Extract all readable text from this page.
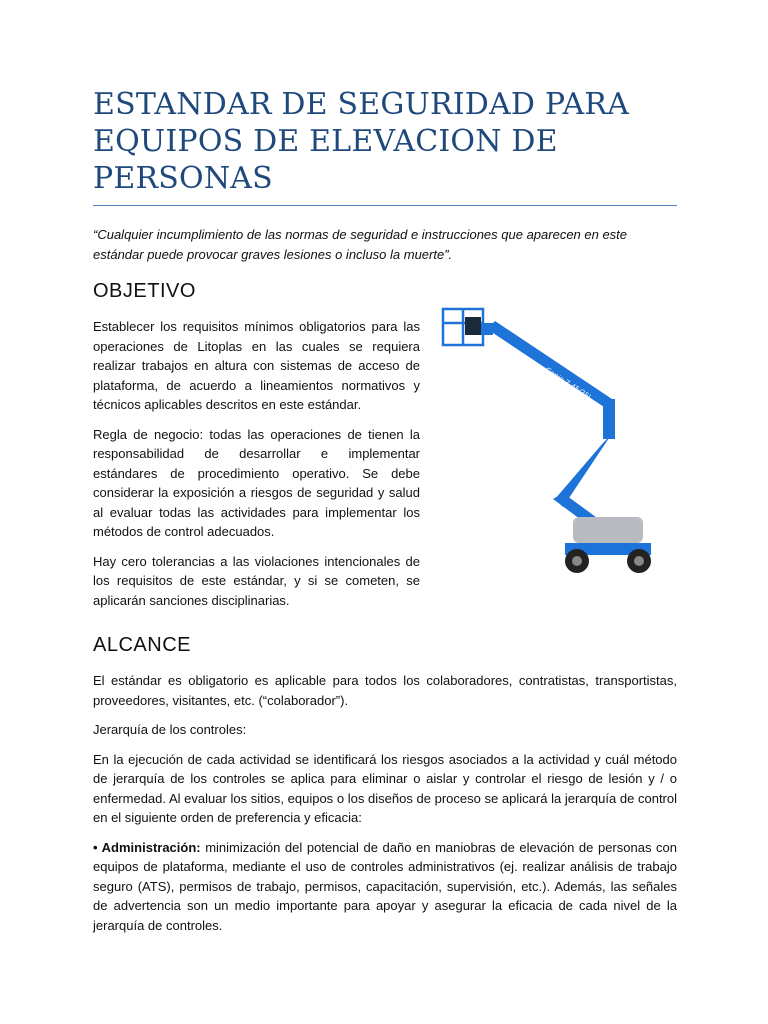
ESTANDAR DE SEGURIDAD PARA
EQUIPOS DE ELEVACION DE PERSONAS

“Cualquier incumplimiento de las normas de seguridad e instrucciones que aparecen en este estándar puede provocar graves lesiones o incluso la muerte”.

OBJETIVO

Establecer los requisitos mínimos obligatorios para las operaciones de Litoplas en las cuales se requiera realizar trabajos en altura con sistemas de acceso de plataforma, de acuerdo a lineamientos normativos y técnicos aplicables descritos en este estándar.

Regla de negocio: todas las operaciones de tienen la responsabilidad de desarrollar e implementar estándares de procedimiento operativo. Se debe considerar la exposición a riesgos de seguridad y salud al evaluar todas las actividades para implementar los métodos de control adecuados.

Hay cero tolerancias a las violaciones intencionales de los requisitos de este estándar, y si se cometen, se aplicarán sanciones disciplinarias.

Genie Z-45/25J
ALCANCE

El estándar es obligatorio es aplicable para todos los colaboradores, contratistas, transportistas, proveedores, visitantes, etc. (“colaborador”).

Jerarquía de los controles:

En la ejecución de cada actividad se identificará los riesgos asociados a la actividad y cuál método de jerarquía de los controles se aplica para eliminar o aislar y controlar el riesgo de lesión y / o enfermedad. Al evaluar los sitios, equipos o los diseños de proceso se aplicará la jerarquía de control en el siguiente orden de preferencia y eficacia:

• Administración: minimización del potencial de daño en maniobras de elevación de personas con equipos de plataforma, mediante el uso de controles administrativos (ej. realizar análisis de trabajo seguro (ATS), permisos de trabajo, permisos, capacitación, supervisión, etc.). Además, las señales de advertencia son un medio importante para apoyar y asegurar la eficacia de cada nivel de la jerarquía de controles.
